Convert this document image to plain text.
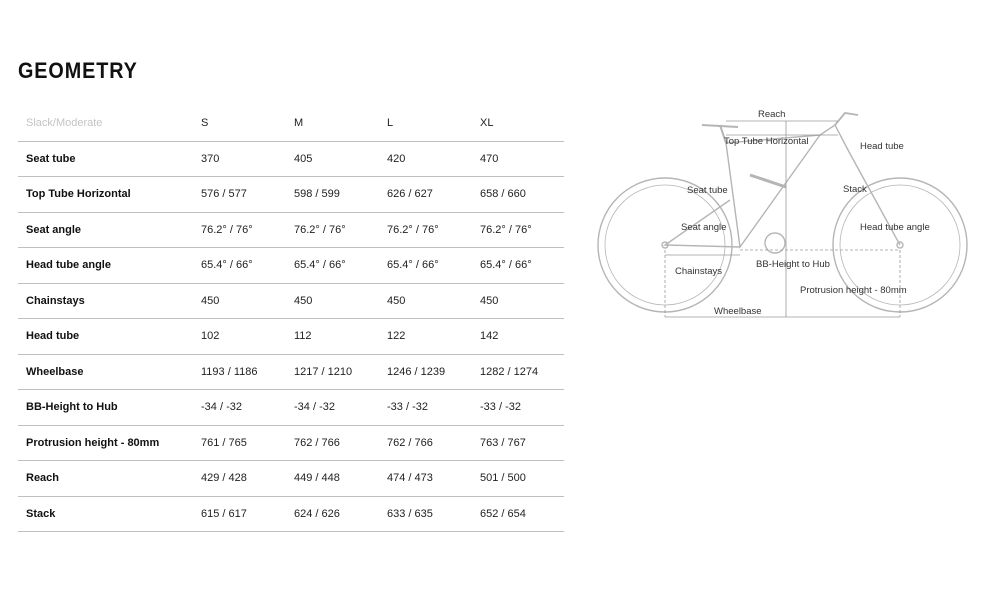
GEOMETRY
Slack/Moderate	S	M	L	XL
Seat tube	370	405	420	470
Top Tube Horizontal	576 / 577	598 / 599	626 / 627	658 / 660
Seat angle	76.2° / 76°	76.2° / 76°	76.2° / 76°	76.2° / 76°
Head tube angle	65.4° / 66°	65.4° / 66°	65.4° / 66°	65.4° / 66°
Chainstays	450	450	450	450
Head tube	102	112	122	142
Wheelbase	1193 / 1186	1217 / 1210	1246 / 1239	1282 / 1274
BB-Height to Hub	-34 / -32	-34 / -32	-33 / -32	-33 / -32
Protrusion height - 80mm	761 / 765	762 / 766	762 / 766	763 / 767
Reach	429 / 428	449 / 448	474 / 473	501 / 500
Stack	615 / 617	624 / 626	633 / 635	652 / 654
Reach
Top Tube Horizontal	Head tube
Seat tube	Stack
Seat angle	Head tube angle
Chainstays
BB-Height to Hub
Protrusion height - 80mm
Wheelbase
